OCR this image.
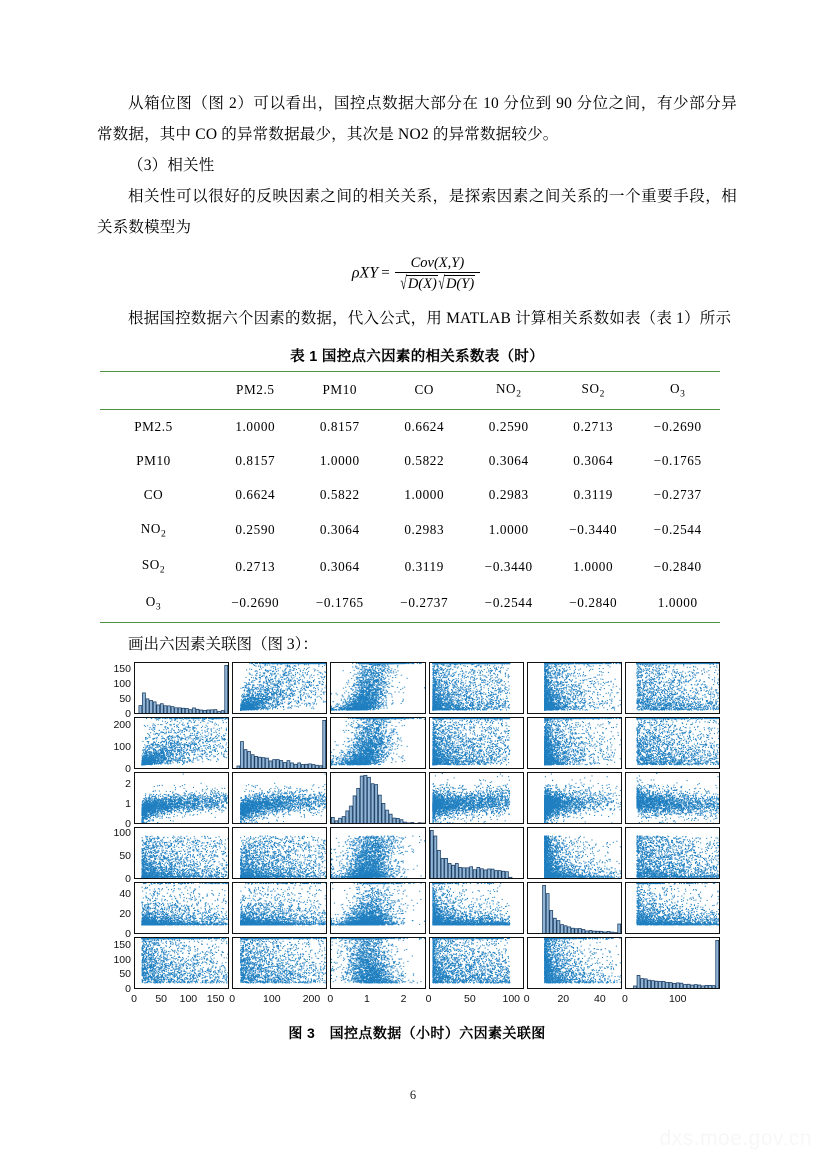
从箱位图（图 2）可以看出，国控点数据大部分在 10 分位到 90 分位之间，有少部分异常数据，其中 CO 的异常数据最少，其次是 NO2 的异常数据较少。

（3）相关性

相关性可以很好的反映因素之间的相关关系，是探索因素之间关系的一个重要手段，相关系数模型为

$\rho XY = \frac{\text{Cov(X,Y)}}{√D(X)√D(Y)}$

根据国控数据六个因素的数据，代入公式，用 MATLAB 计算相关系数如表（表 1）所示

表 1 国控点六因素的相关系数表（时）
	PM2.5	PM10	CO	$NO_2$	$SO_2$	$O_3$
PM2.5	1.0000	0.8157	0.6624	0.2590	0.2713	−0.2690
PM10	0.8157	1.0000	0.5822	0.3064	0.3064	−0.1765
CO	0.6624	0.5822	1.0000	0.2983	0.3119	−0.2737
$NO_2$	0.2590	0.3064	0.2983	1.0000	−0.3440	−0.2544
$SO_2$	0.2713	0.3064	0.3119	−0.3440	1.0000	−0.2840
$O_3$	−0.2690	−0.1765	−0.2737	−0.2544	−0.2840	1.0000

画出六因素关联图（图 3）：

150
100
50
0
200
100
0
2
1
0
100
50
0
40
20
0
150
100
50
0
0 50 100 150 0	100 200 0	1	2 0	50	100 0	20 40 0	100
图 3　国控点数据（小时）六因素关联图
6
dxs.moe.gov.cn
